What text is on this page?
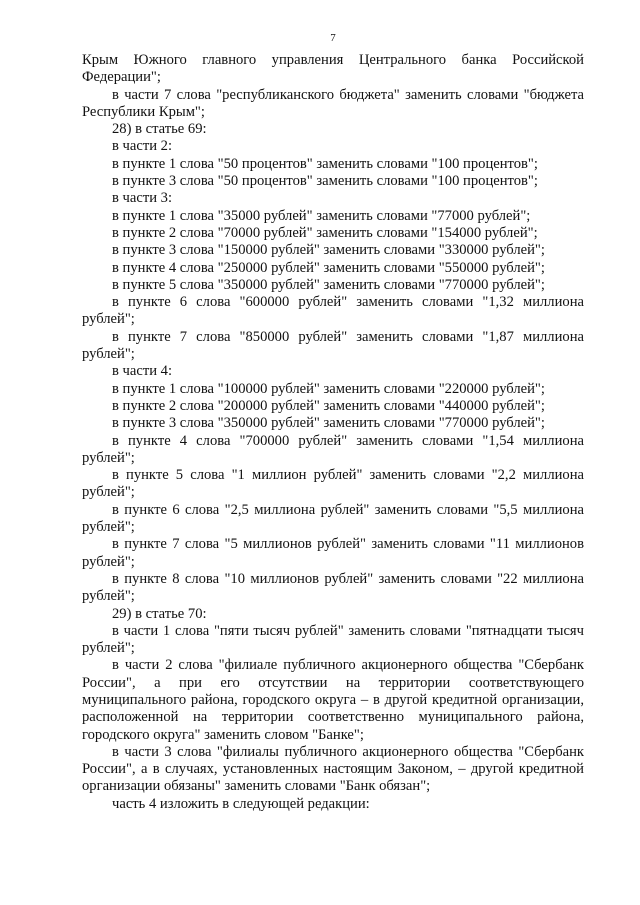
7

Крым Южного главного управления Центрального банка Российской Федерации";

в части 7 слова "республиканского бюджета" заменить словами "бюджета Республики Крым";

28) в статье 69:

в части 2:

в пункте 1 слова "50 процентов" заменить словами "100 процентов";

в пункте 3 слова "50 процентов" заменить словами "100 процентов";

в части 3:

в пункте 1 слова "35000 рублей" заменить словами "77000 рублей";

в пункте 2 слова "70000 рублей" заменить словами "154000 рублей";

в пункте 3 слова "150000 рублей" заменить словами "330000 рублей";

в пункте 4 слова "250000 рублей" заменить словами "550000 рублей";

в пункте 5 слова "350000 рублей" заменить словами "770000 рублей";

в пункте 6 слова "600000 рублей" заменить словами "1,32 миллиона рублей";

в пункте 7 слова "850000 рублей" заменить словами "1,87 миллиона рублей";

в части 4:

в пункте 1 слова "100000 рублей" заменить словами "220000 рублей";

в пункте 2 слова "200000 рублей" заменить словами "440000 рублей";

в пункте 3 слова "350000 рублей" заменить словами "770000 рублей";

в пункте 4 слова "700000 рублей" заменить словами "1,54 миллиона рублей";

в пункте 5 слова "1 миллион рублей" заменить словами "2,2 миллиона рублей";

в пункте 6 слова "2,5 миллиона рублей" заменить словами "5,5 миллиона рублей";

в пункте 7 слова "5 миллионов рублей" заменить словами "11 миллионов рублей";

в пункте 8 слова "10 миллионов рублей" заменить словами "22 миллиона рублей";

29) в статье 70:

в части 1 слова "пяти тысяч рублей" заменить словами "пятнадцати тысяч рублей";

в части 2 слова "филиале публичного акционерного общества "Сбербанк России", а при его отсутствии на территории соответствующего муниципального района, городского округа – в другой кредитной организации, расположенной на территории соответственно муниципального района, городского округа" заменить словом "Банке";

в части 3 слова "филиалы публичного акционерного общества "Сбербанк России", а в случаях, установленных настоящим Законом, – другой кредитной организации обязаны" заменить словами "Банк обязан";

часть 4 изложить в следующей редакции:
